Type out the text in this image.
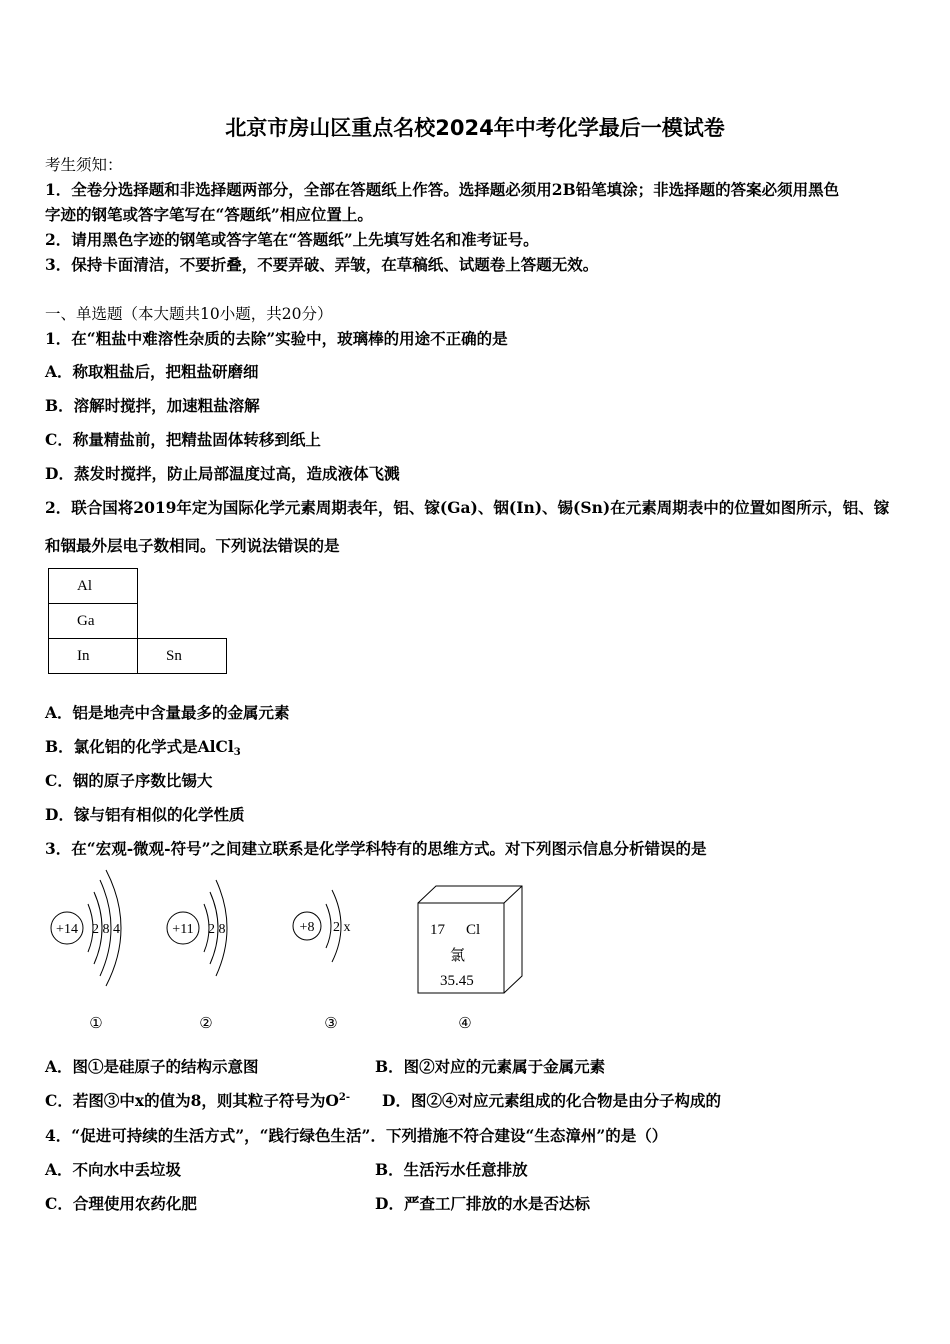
北京市房山区重点名校2024年中考化学最后一模试卷
考生须知：
1．全卷分选择题和非选择题两部分，全部在答题纸上作答。选择题必须用2B铅笔填涂；非选择题的答案必须用黑色
字迹的钢笔或答字笔写在“答题纸”相应位置上。
2．请用黑色字迹的钢笔或答字笔在“答题纸”上先填写姓名和准考证号。
3．保持卡面清洁，不要折叠，不要弄破、弄皱，在草稿纸、试题卷上答题无效。
一、单选题（本大题共10小题，共20分）
1．在“粗盐中难溶性杂质的去除”实验中，玻璃棒的用途不正确的是
A．称取粗盐后，把粗盐研磨细
B．溶解时搅拌，加速粗盐溶解
C．称量精盐前，把精盐固体转移到纸上
D．蒸发时搅拌，防止局部温度过高，造成液体飞溅
2．联合国将2019年定为国际化学元素周期表年，铝、镓(Ga)、铟(In)、锡(Sn)在元素周期表中的位置如图所示，铝、镓
和铟最外层电子数相同。下列说法错误的是
Al	
Ga	
In	Sn
A．铝是地壳中含量最多的金属元素
B．氯化铝的化学式是AlCl$_3$
C．铟的原子序数比锡大
D．镓与铝有相似的化学性质
3．在“宏观-微观-符号”之间建立联系是化学学科特有的思维方式。对下列图示信息分析错误的是
+14 2 8 4
①
+11 2 8
②
+8 2 x
③
17 Cl
氯
35.45
④
A．图①是硅原子的结构示意图	B．图②对应的元素属于金属元素
C．若图③中x的值为8，则其粒子符号为$O^{2-}$ D．图②④对应元素组成的化合物是由分子构成的
4．“促进可持续的生活方式”，“践行绿色生活”．下列措施不符合建设“生态漳州”的是（）
A．不向水中丢垃圾	B．生活污水任意排放
C．合理使用农药化肥	D．严查工厂排放的水是否达标
